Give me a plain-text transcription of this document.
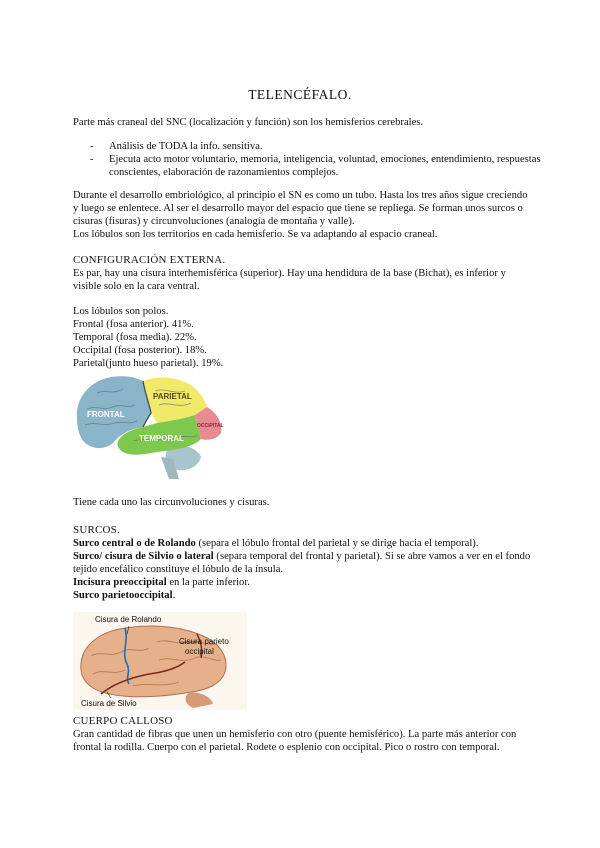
TELENCÉFALO.

Parte más craneal del SNC (localización y función) son los hemisferios cerebrales.

- Análisis de TODA la info. sensitiva.
- Ejecuta acto motor voluntario, memoria, inteligencia, voluntad, emociones, entendimiento, respuestas conscientes, elaboración de razonamientos complejos.

Durante el desarrollo embriológico, al principio el SN es como un tubo. Hasta los tres años sigue creciendo y luego se enlentece. Al ser el desarrollo mayor del espacio que tiene se repliega. Se forman unos surcos o cisuras (fisuras) y circunvoluciones (analogía de montaña y valle).

Los lóbulos son los territorios en cada hemisferio. Se va adaptando al espacio craneal.

CONFIGURACIÓN EXTERNA.

Es par, hay una cisura interhemisférica (superior). Hay una hendidura de la base (Bichat), es inferior y visible solo en la cara ventral.

Los lóbulos son polos.

Frontal (fosa anterior). 41%.

Temporal (fosa media). 22%.

Occipital (fosa posterior). 18%.

Parietal(junto hueso parietal). 19%.

FRONTAL
PARIETAL
TEMPORAL
OCCIPITAL

Tiene cada uno las circunvoluciones y cisuras.

SURCOS.

Surco central o de Rolando (separa el lóbulo frontal del parietal y se dirige hacia el temporal).

Surco/ cisura de Silvio o lateral (separa temporal del frontal y parietal). Si se abre vamos a ver en el fondo tejido encefálico constituye el lóbulo de la ínsula.

Incisura preoccipital en la parte inferior.

Surco parietooccipital.

Cisura de Rolando
Cisura parieto
occipital
Cisura de Silvio

CUERPO CALLOSO

Gran cantidad de fibras que unen un hemisferio con otro (puente hemisférico). La parte más anterior con frontal la rodilla. Cuerpo con el parietal. Rodete o esplenio con occipital. Pico o rostro con temporal.
